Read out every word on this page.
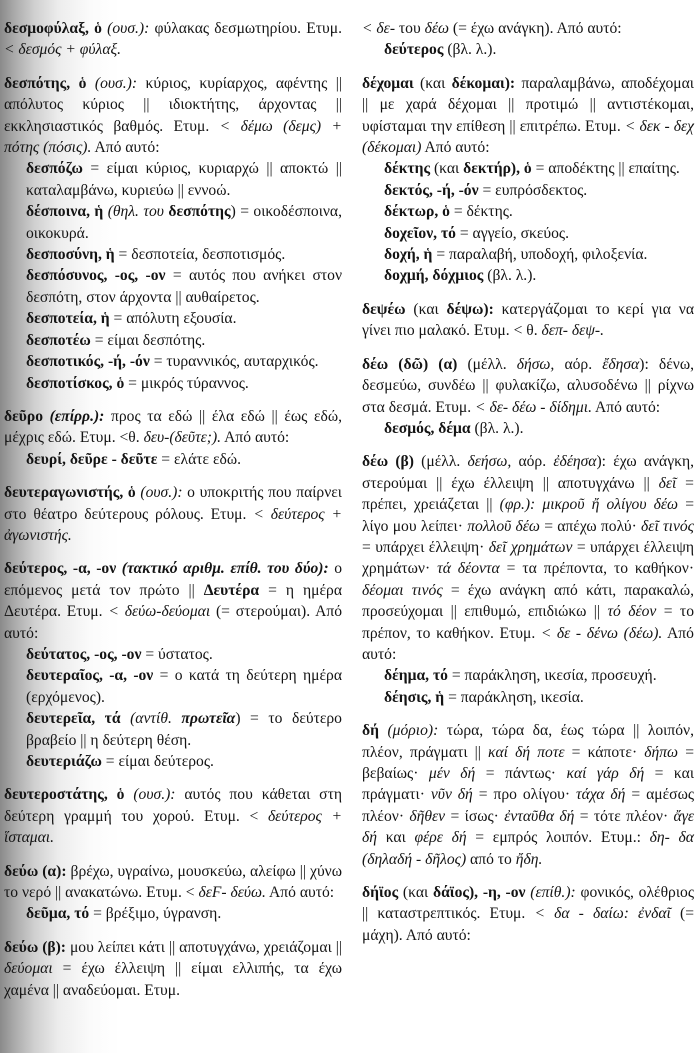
δεσμοφύλαξ, ὁ (ουσ.): φύλακας δεσμωτηρίου. Ετυμ. < δεσμός + φύλαξ.
δεσπότης, ὁ (ουσ.): κύριος, κυρίαρχος, αφέντης || απόλυτος κύριος || ιδιοκτήτης, άρχοντας || εκκλησιαστικός βαθμός. Ετυμ. < δέμω (δεμς) + πότης (πόσις). Από αυτό:
δεσπόζω = είμαι κύριος, κυριαρχώ || αποκτώ || καταλαμβάνω, κυριεύω || εννοώ.
δέσποινα, ἡ (θηλ. του δεσπότης) = οικοδέσποινα, οικοκυρά.
δεσποσύνη, ἡ = δεσποτεία, δεσποτισμός.
δεσπόσυνος, -ος, -ον = αυτός που ανήκει στον δεσπότη, στον άρχοντα || αυθαίρετος.
δεσποτεία, ἡ = απόλυτη εξουσία.
δεσποτέω = είμαι δεσπότης.
δεσποτικός, -ή, -όν = τυραννικός, αυταρχικός.
δεσποτίσκος, ὁ = μικρός τύραννος.
δεῦρο (επίρρ.): προς τα εδώ || έλα εδώ || έως εδώ, μέχρις εδώ. Ετυμ. <θ. δευ-(δεῦτε;). Από αυτό:
δευρί, δεῦρε - δεῦτε = ελάτε εδώ.
δευτεραγωνιστής, ὁ (ουσ.): ο υποκριτής που παίρνει στο θέατρο δεύτερους ρόλους. Ετυμ. < δεύτερος + ἀγωνιστής.
δεύτερος, -α, -ον (τακτικό αριθμ. επίθ. του δύο): ο επόμενος μετά τον πρώτο || Δευτέρα = η ημέρα Δευτέρα. Ετυμ. < δεύω-δεύομαι (= στερούμαι). Από αυτό:
δεύτατος, -ος, -ον = ύστατος.
δευτεραῖος, -α, -ον = ο κατά τη δεύτερη ημέρα (ερχόμενος).
δευτερεῖα, τά (αντίθ. πρωτεῖα) = το δεύτερο βραβείο || η δεύτερη θέση.
δευτεριάζω = είμαι δεύτερος.
δευτεροστάτης, ὁ (ουσ.): αυτός που κάθεται στη δεύτερη γραμμή του χορού. Ετυμ. < δεύτερος + ἵσταμαι.
δεύω (α): βρέχω, υγραίνω, μουσκεύω, αλείφω || χύνω το νερό || ανακατώνω. Ετυμ. < δεϜ- δεύω. Από αυτό:
δεῦμα, τό = βρέξιμο, ύγρανση.
δεύω (β): μου λείπει κάτι || αποτυγχάνω, χρειάζομαι || δεύομαι = έχω έλλειψη || είμαι ελλιπής, τα έχω χαμένα || αναδεύομαι. Ετυμ.
< δε- του δέω (= έχω ανάγκη). Από αυτό:
δεύτερος (βλ. λ.).
δέχομαι (και δέκομαι): παραλαμβάνω, αποδέχομαι || με χαρά δέχομαι || προτιμώ || αντιστέκομαι, υφίσταμαι την επίθεση || επιτρέπω. Ετυμ. < δεκ - δεχ (δέκομαι) Από αυτό:
δέκτης (και δεκτήρ), ὁ = αποδέκτης || επαίτης.
δεκτός, -ή, -όν = ευπρόσδεκτος.
δέκτωρ, ὁ = δέκτης.
δοχεῖον, τό = αγγείο, σκεύος.
δοχή, ἡ = παραλαβή, υποδοχή, φιλοξενία.
δοχμή, δόχμιος (βλ. λ.).
δεψέω (και δέψω): κατεργάζομαι το κερί για να γίνει πιο μαλακό. Ετυμ. < θ. δεπ- δεψ-.
δέω (δῶ) (α) (μέλλ. δήσω, αόρ. ἔδησα): δένω, δεσμεύω, συνδέω || φυλακίζω, αλυσοδένω || ρίχνω στα δεσμά. Ετυμ. < δε- δέω - δίδημι. Από αυτό:
δεσμός, δέμα (βλ. λ.).
δέω (β) (μέλλ. δεήσω, αόρ. ἐδέησα): έχω ανάγκη, στερούμαι || έχω έλλειψη || αποτυγχάνω || δεῖ = πρέπει, χρειάζεται || (φρ.): μικροῦ ἤ ολίγου δέω = λίγο μου λείπει· πολλοῦ δέω = απέχω πολύ· δεῖ τινός = υπάρχει έλλειψη· δεῖ χρημάτων = υπάρχει έλλειψη χρημάτων· τά δέοντα = τα πρέποντα, το καθήκον· δέομαι τινός = έχω ανάγκη από κάτι, παρακαλώ, προσεύχομαι || επιθυμώ, επιδιώκω || τό δέον = το πρέπον, το καθήκον. Ετυμ. < δε - δένω (δέω). Από αυτό:
δέημα, τό = παράκληση, ικεσία, προσευχή.
δέησις, ἡ = παράκληση, ικεσία.
δή (μόριο): τώρα, τώρα δα, έως τώρα || λοιπόν, πλέον, πράγματι || καί δή ποτε = κάποτε· δήπω = βεβαίως· μέν δή = πάντως· καί γάρ δή = και πράγματι· νῦν δή = προ ολίγου· τάχα δή = αμέσως πλέον· δῆθεν = ίσως· ἐνταῦθα δή = τότε πλέον· ἄγε δή και φέρε δή = εμπρός λοιπόν. Ετυμ.: δη- δα (δηλαδή - δῆλος) από το ἤδη.
δήϊος (και δάϊος), -η, -ον (επίθ.): φονικός, ολέθριος || καταστρεπτικός. Ετυμ. < δα - δαίω: ἐνδαῖ (= μάχη). Από αυτό:
